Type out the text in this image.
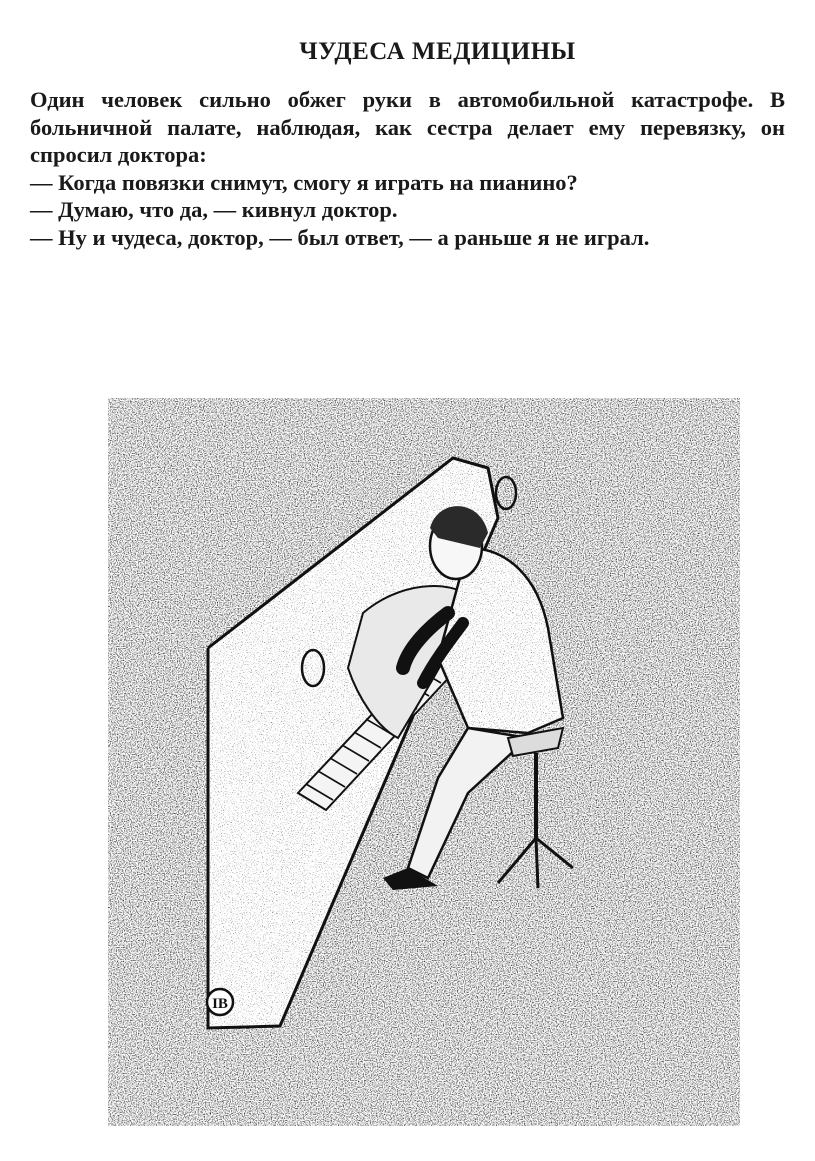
ЧУДЕСА МЕДИЦИНЫ

Один человек сильно обжег руки в автомобильной катастрофе. В больничной палате, наблюдая, как сестра делает ему перевязку, он спросил доктора:

— Когда повязки снимут, смогу я играть на пианино?

— Думаю, что да, — кивнул доктор.

— Ну и чудеса, доктор, — был ответ, — а раньше я не играл.

IB
